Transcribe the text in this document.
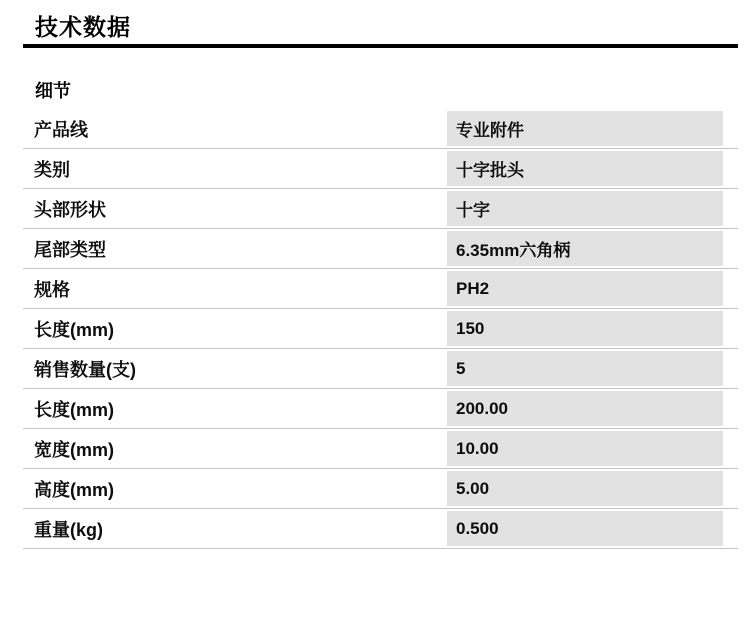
技术数据
细节
产品线	专业附件
类别	十字批头
头部形状	十字
尾部类型	6.35mm六角柄
规格	PH2
长度(mm)	150
销售数量(支)	5
长度(mm)	200.00
宽度(mm)	10.00
高度(mm)	5.00
重量(kg)	0.500
